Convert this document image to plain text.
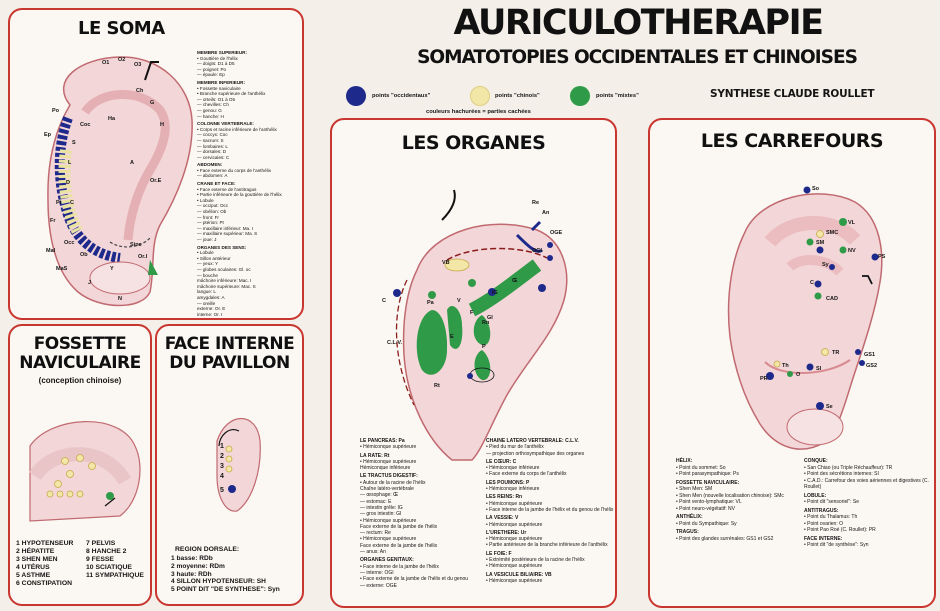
AURICULOTHERAPIE
SOMATOTOPIES OCCIDENTALES ET CHINOISES
points "occidentaux"	points "chinois"	points "mixtes"
couleurs hachurées = parties cachées
SYNTHESE CLAUDE ROULLET
LE SOMA
MEMBRE SUPERIEUR:
• Gouttière de l'hélix
— doigts: D1 à D5
— poignet: Po
— épaule: Ep
MEMBRE INFERIEUR:
• Fossette naviculaire
• Branche supérieure de l'anthélix
— orteils: O1 à O5
— chevilles: Ch
— genou: G
— hanche: H
COLONNE VERTEBRALE:
• Corps et racine inférieure de l'anthélix
— coccyx: Coc
— sacrum: S
— lombaires: L
— dorsales: D
— cervicales: C
ABDOMEN:
• Face externe du corps de l'anthélix
— abdomen: A
CRANE ET FACE:
• Face externe de l'antitragus
• Partie inférieure de la gouttière de l'hélix
• Lobule
— occiput: Occ
— obélion: Ob
— front: Fr
— ptérion: Pt
— maxillaire inférieur: Ma. I
— maxillaire supérieur: Ma. S
— joue: J
ORGANES DES SENS:
• Lobule
• Sillon antérieur
— yeux: Y
— globes oculaires: Gl. oc
— bouche
mâchoire inférieure: Mac. I
mâchoire supérieure: Mac. S
langue: L
amygdales: A
— oreille
externe: Or. E
interne: Or. I
— nez: N
O1 O2
O3
Ch
G
H
Ha
Coc
S
L
D
C
A
Ep
Po
Occ
Ob
Fr
Pt
MaI
MaS
J
Or.E
Or.I
Sinc
Y
N
FOSSETTE
NAVICULAIRE
(conception chinoise)
1 HYPOTENSEUR
2 HÉPATITE
3 SHEN MEN
4 UTÉRUS
5 ASTHME
6 CONSTIPATION
7 PELVIS
8 HANCHE 2
9 FESSE
10 SCIATIQUE
11 SYMPATHIQUE
FACE INTERNE
DU PAVILLON
1
2
3
4
5
REGION DORSALE:
1 basse: RDb
2 moyenne: RDm
3 haute: RDh
4 SILLON HYPOTENSEUR: SH
5 POINT DIT "DE SYNTHESE": Syn
LES ORGANES
LE PANCREAS: Pa
• Hémiconque supérieure
LA RATE: Rt
• Hémiconque supérieure
Hémiconque inférieure
LE TRACTUS DIGESTIF:
• Autour de la racine de l'hélix
Chaîne latéro-vertébrale
— œsophage: Œ
— estomac: E
— intestin grêle: IG
— gros intestin: GI
• Hémiconque supérieure
Face externe de la jambe de l'hélix
— rectum: Re
• Hémiconque supérieure
Face externe de la jambe de l'hélix
— anus: An
ORGANES GENITAUX:
• Face interne de la jambe de l'hélix
— interne: OGI
• Face externe de la jambe de l'hélix et du genou
— externe: OGE
CHAINE LATERO VERTEBRALE: C.L.V.
• Pied du mur de l'anthélix
— projection orthosympathique des organes
LE CŒUR: C
• Hémiconque inférieure
• Face externe du corps de l'anthélix
LES POUMONS: P
• Hémiconque inférieure
LES REINS: Rn
• Hémiconque supérieure
• Face interne de la jambe de l'hélix et du genou de l'hélix
LA VESSIE: V
• Hémiconque supérieure
L'URETHERE: Ur
• Hémiconque supérieure
• Partie antérieure de la branche inférieure de l'anthélix
LE FOIE: F
• Extrémité postérieure de la racine de l'hélix
• Hémiconque supérieure
LA VESICULE BILIAIRE: VB
• Hémiconque supérieure
VB
Rn
OGE
An
Re
IG
GI
Œ
F
C
E
P
C.L.V.
Rt
Pa
OGI
V
LES CARREFOURS
HÉLIX:
• Point du sommet: So
• Point parasympathique: Ps
FOSSETTE NAVICULAIRE:
• Shen Men: SM
• Shen Men (nouvelle localisation chinoise): SMc
• Point vento-lymphatique: VL
• Point neuro-végétatif: NV
ANTHÉLIX:
• Point du Sympathique: Sy
TRAGUS:
• Point des glandes surrénales: GS1 et GS2
CONQUE:
• San Chiao (ou Triple Réchauffeur): TR
• Point des sécrétions internes: SI
• C.A.D.: Carrefour des voies aériennes et digestives (C. Roullet)
LOBULE:
• Point dit "sensoriel": Se
ANTITRAGUS:
• Point du Thalamus: Th
• Point ovarien: O
• Point Pao Roé (C. Roullet): PR
FACE INTERNE:
• Point dit "de synthèse": Syn
So
VL
SMC
SM
NV
Sy
PS
C
CAD
TR
SI
GS1
GS2
Th
O
PR
Se
